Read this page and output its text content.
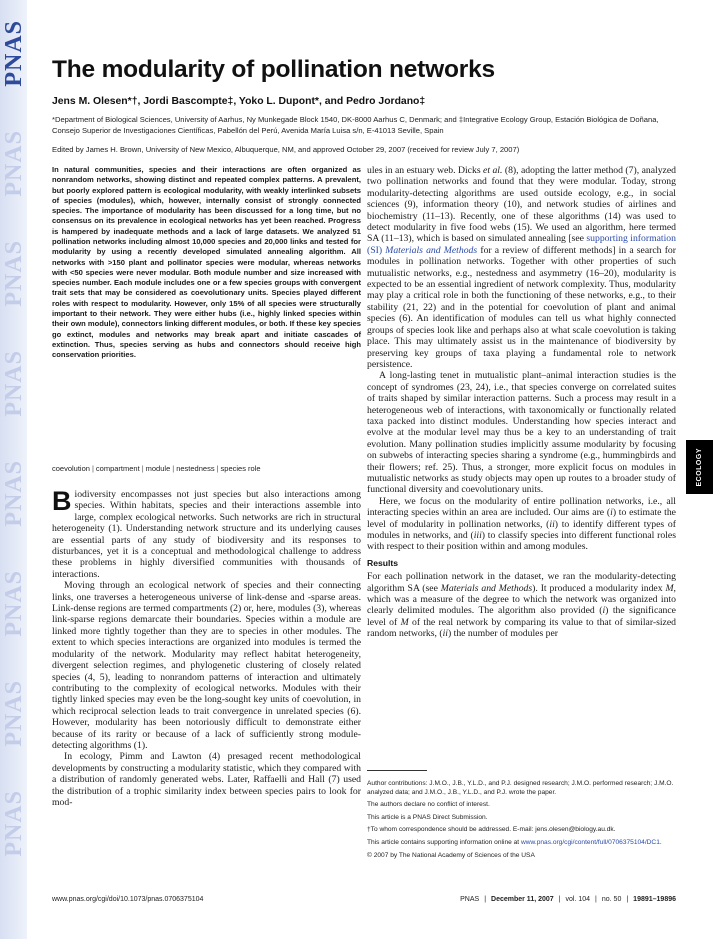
PNAS
PNAS
PNAS
PNAS
PNAS
PNAS
PNAS
PNAS
ECOLOGY
The modularity of pollination networks
Jens M. Olesen*†, Jordi Bascompte‡, Yoko L. Dupont*, and Pedro Jordano‡
*Department of Biological Sciences, University of Aarhus, Ny Munkegade Block 1540, DK-8000 Aarhus C, Denmark; and ‡Integrative Ecology Group, Estación Biológica de Doñana, Consejo Superior de Investigaciones Científicas, Pabellón del Perú, Avenida María Luisa s/n, E-41013 Seville, Spain
Edited by James H. Brown, University of New Mexico, Albuquerque, NM, and approved October 29, 2007 (received for review July 7, 2007)
In natural communities, species and their interactions are often organized as nonrandom networks, showing distinct and repeated complex patterns. A prevalent, but poorly explored pattern is ecological modularity, with weakly interlinked subsets of species (modules), which, however, internally consist of strongly connected species. The importance of modularity has been discussed for a long time, but no consensus on its prevalence in ecological networks has yet been reached. Progress is hampered by inadequate methods and a lack of large datasets. We analyzed 51 pollination networks including almost 10,000 species and 20,000 links and tested for modularity by using a recently developed simulated annealing algorithm. All networks with >150 plant and pollinator species were modular, whereas networks with <50 species were never modular. Both module number and size increased with species number. Each module includes one or a few species groups with convergent trait sets that may be considered as coevolutionary units. Species played different roles with respect to modularity. However, only 15% of all species were structurally important to their network. They were either hubs (i.e., highly linked species within their own module), connectors linking different modules, or both. If these key species go extinct, modules and networks may break apart and initiate cascades of extinction. Thus, species serving as hubs and connectors should receive high conservation priorities.
coevolution | compartment | module | nestedness | species role

Biodiversity encompasses not just species but also interactions among species. Within habitats, species and their interactions assemble into large, complex ecological networks. Such networks are rich in structural heterogeneity (1). Understanding network structure and its underlying causes are essential parts of any study of biodiversity and its responses to disturbances, yet it is a conceptual and methodological challenge to address these problems in highly diversified communities with thousands of interactions.

Moving through an ecological network of species and their connecting links, one traverses a heterogeneous universe of link-dense and -sparse areas. Link-dense regions are termed compartments (2) or, here, modules (3), whereas link-sparse regions demarcate their boundaries. Species within a module are linked more tightly together than they are to species in other modules. The extent to which species interactions are organized into modules is termed the modularity of the network. Modularity may reflect habitat heterogeneity, divergent selection regimes, and phylogenetic clustering of closely related species (4, 5), leading to nonrandom patterns of interaction and ultimately contributing to the complexity of ecological networks. Modules with their tightly linked species may even be the long-sought key units of coevolution, in which reciprocal selection leads to trait convergence in unrelated species (6). However, modularity has been notoriously difficult to demonstrate either because of its rarity or because of a lack of sufficiently strong module-detecting algorithms (1).

In ecology, Pimm and Lawton (4) presaged recent methodological developments by constructing a modularity statistic, which they compared with a distribution of randomly generated webs. Later, Raffaelli and Hall (7) used the distribution of a trophic similarity index between species pairs to look for mod-

ules in an estuary web. Dicks et al. (8), adopting the latter method (7), analyzed two pollination networks and found that they were modular. Today, strong modularity-detecting algorithms are used outside ecology, e.g., in social sciences (9), information theory (10), and network studies of airlines and biochemistry (11–13). Recently, one of these algorithms (14) was used to detect modularity in five food webs (15). We used an algorithm, here termed SA (11–13), which is based on simulated annealing [see supporting information (SI) Materials and Methods for a review of different methods] in a search for modules in pollination networks. Together with other properties of such mutualistic networks, e.g., nestedness and asymmetry (16–20), modularity is expected to be an essential ingredient of network complexity. Thus, modularity may play a critical role in both the functioning of these networks, e.g., to their stability (21, 22) and in the potential for coevolution of plant and animal species (6). An identification of modules can tell us what highly connected groups of species look like and perhaps also at what scale coevolution is taking place. This may ultimately assist us in the maintenance of biodiversity by preserving key groups of taxa playing a fundamental role to network persistence.

A long-lasting tenet in mutualistic plant–animal interaction studies is the concept of syndromes (23, 24), i.e., that species converge on correlated suites of traits shaped by similar interaction patterns. Such a process may result in a heterogeneous web of interactions, with taxonomically or functionally related taxa packed into distinct modules. Understanding how species interact and evolve at the modular level may thus be a key to an understanding of trait evolution. Many pollination studies implicitly assume modularity by focusing on subwebs of interacting species sharing a syndrome (e.g., hummingbirds and their flowers; ref. 25). Thus, a stronger, more explicit focus on modules in mutualistic networks as study objects may open up routes to a broader study of functional diversity and coevolutionary units.

Here, we focus on the modularity of entire pollination networks, i.e., all interacting species within an area are included. Our aims are (i) to estimate the level of modularity in pollination networks, (ii) to identify different types of modules in networks, and (iii) to classify species into different functional roles with respect to their position within and among modules.

Results

For each pollination network in the dataset, we ran the modularity-detecting algorithm SA (see Materials and Methods). It produced a modularity index M, which was a measure of the degree to which the network was organized into clearly delimited modules. The algorithm also provided (i) the significance level of M of the real network by comparing its value to that of similar-sized random networks, (ii) the number of modules per

Author contributions: J.M.O., J.B., Y.L.D., and P.J. designed research; J.M.O. performed research; J.M.O. analyzed data; and J.M.O., J.B., Y.L.D., and P.J. wrote the paper.
The authors declare no conflict of interest.
This article is a PNAS Direct Submission.
†To whom correspondence should be addressed. E-mail: jens.olesen@biology.au.dk.
This article contains supporting information online at www.pnas.org/cgi/content/full/0706375104/DC1.
© 2007 by The National Academy of Sciences of the USA
www.pnas.org/cgi/doi/10.1073/pnas.0706375104	PNAS | December 11, 2007 | vol. 104 | no. 50 | 19891–19896
